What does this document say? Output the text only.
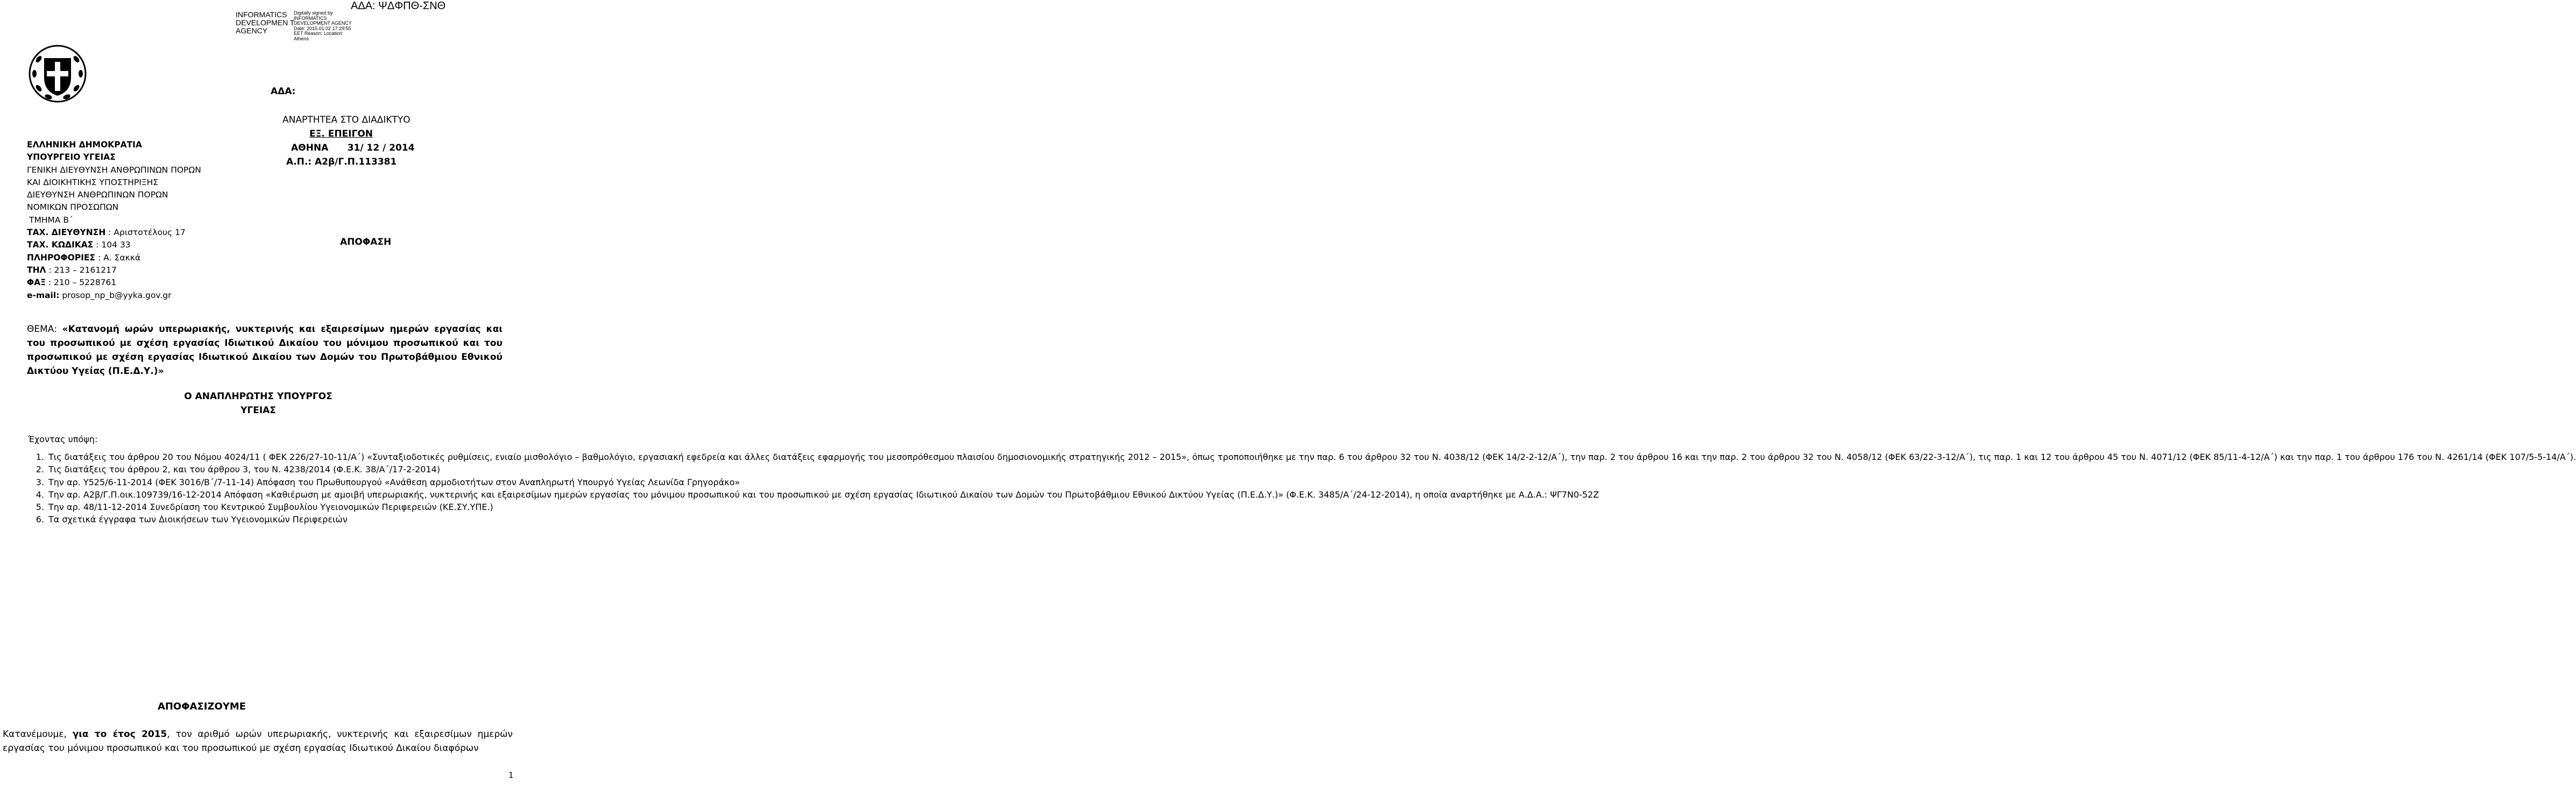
INFORMATICS DEVELOPMEN T AGENCY
Digitally signed by INFORMATICS DEVELOPMENT AGENCY Date: 2015.01.02 17:29:55 EET Reason: Location: Athens
ΑΔΑ: ΨΔΦΠΘ-ΣΝΘ
ΑΔΑ:
ΕΛΛΗΝΙΚΗ ΔΗΜΟΚΡΑΤΙΑ
ΥΠΟΥΡΓΕΙΟ ΥΓΕΙΑΣ
ΓΕΝΙΚΗ ΔΙΕΥΘΥΝΣΗ ΑΝΘΡΩΠΙΝΩΝ ΠΟΡΩΝ
ΚΑΙ ΔΙΟΙΚΗΤΙΚΗΣ ΥΠΟΣΤΗΡΙΞΗΣ
ΔΙΕΥΘΥΝΣΗ ΑΝΘΡΩΠΙΝΩΝ ΠΟΡΩΝ
ΝΟΜΙΚΩΝ ΠΡΟΣΩΠΩΝ
ΤΜΗΜΑ Β΄
ΤΑΧ. ΔΙΕΥΘΥΝΣΗ : Αριστοτέλους 17
ΤΑΧ. ΚΩΔΙΚΑΣ : 104 33
ΠΛΗΡΟΦΟΡΙΕΣ : Α. Σακκά
ΤΗΛ : 213 – 2161217
ΦΑΞ : 210 – 5228761
e-mail: prosop_np_b@yyka.gov.gr
ΑΝΑΡΤΗΤΕΑ ΣΤΟ ΔΙΑΔΙΚΤΥΟ
ΕΞ. ΕΠΕΙΓΟΝ
ΑΘΗΝΑ      31/ 12 / 2014
Α.Π.: Α2β/Γ.Π.113381
ΑΠΟΦΑΣΗ
ΘΕΜΑ: «Κατανομή ωρών υπερωριακής, νυκτερινής και εξαιρεσίμων ημερών εργασίας και του προσωπικού με σχέση εργασίας Ιδιωτικού Δικαίου του μόνιμου προσωπικού και του προσωπικού με σχέση εργασίας Ιδιωτικού Δικαίου των Δομών του Πρωτοβάθμιου Εθνικού Δικτύου Υγείας (Π.Ε.Δ.Υ.)»
Ο ΑΝΑΠΛΗΡΩΤΗΣ ΥΠΟΥΡΓΟΣ
ΥΓΕΙΑΣ
Έχοντας υπόψη:
1. Τις διατάξεις του άρθρου 20 του Νόμου 4024/11 ( ΦΕΚ 226/27-10-11/Α΄) «Συνταξιοδοτικές ρυθμίσεις, ενιαίο μισθολόγιο – βαθμολόγιο, εργασιακή εφεδρεία και άλλες διατάξεις εφαρμογής του μεσοπρόθεσμου πλαισίου δημοσιονομικής στρατηγικής 2012 – 2015», όπως τροποποιήθηκε με την παρ. 6 του άρθρου 32 του Ν. 4038/12 (ΦΕΚ 14/2-2-12/Α΄), την παρ. 2 του άρθρου 16 και την παρ. 2 του άρθρου 32 του Ν. 4058/12 (ΦΕΚ 63/22-3-12/Α΄), τις παρ. 1 και 12 του άρθρου 45 του Ν. 4071/12 (ΦΕΚ 85/11-4-12/Α΄) και την παρ. 1 του άρθρου 176 του Ν. 4261/14 (ΦΕΚ 107/5-5-14/Α΄).
2. Τις διατάξεις του άρθρου 2, και του άρθρου 3, του Ν. 4238/2014 (Φ.Ε.Κ. 38/Α΄/17-2-2014)
3. Την αρ. Υ525/6-11-2014 (ΦΕΚ 3016/Β΄/7-11-14) Απόφαση του Πρωθυπουργού «Ανάθεση αρμοδιοτήτων στον Αναπληρωτή Υπουργό Υγείας Λεωνίδα Γρηγοράκο»
4. Την αρ. Α2β/Γ.Π.οικ.109739/16-12-2014 Απόφαση «Καθιέρωση με αμοιβή υπερωριακής, νυκτερινής και εξαιρεσίμων ημερών εργασίας του μόνιμου προσωπικού και του προσωπικού με σχέση εργασίας Ιδιωτικού Δικαίου των Δομών του Πρωτοβάθμιου Εθνικού Δικτύου Υγείας (Π.Ε.Δ.Υ.)» (Φ.Ε.Κ. 3485/Α΄/24-12-2014), η οποία αναρτήθηκε με Α.Δ.Α.: ΨΓ7Ν0-52Ζ
5. Την αρ. 48/11-12-2014 Συνεδρίαση του Κεντρικού Συμβουλίου Υγειονομικών Περιφερειών (ΚΕ.ΣΥ.ΥΠΕ.)
6. Τα σχετικά έγγραφα των Διοικήσεων των Υγειονομικών Περιφερειών
ΑΠΟΦΑΣΙΖΟΥΜΕ
Κατανέμουμε, για το έτος 2015, τον αριθμό ωρών υπερωριακής, νυκτερινής και εξαιρεσίμων ημερών εργασίας του μόνιμου προσωπικού και του προσωπικού με σχέση εργασίας Ιδιωτικού Δικαίου διαφόρων
1
